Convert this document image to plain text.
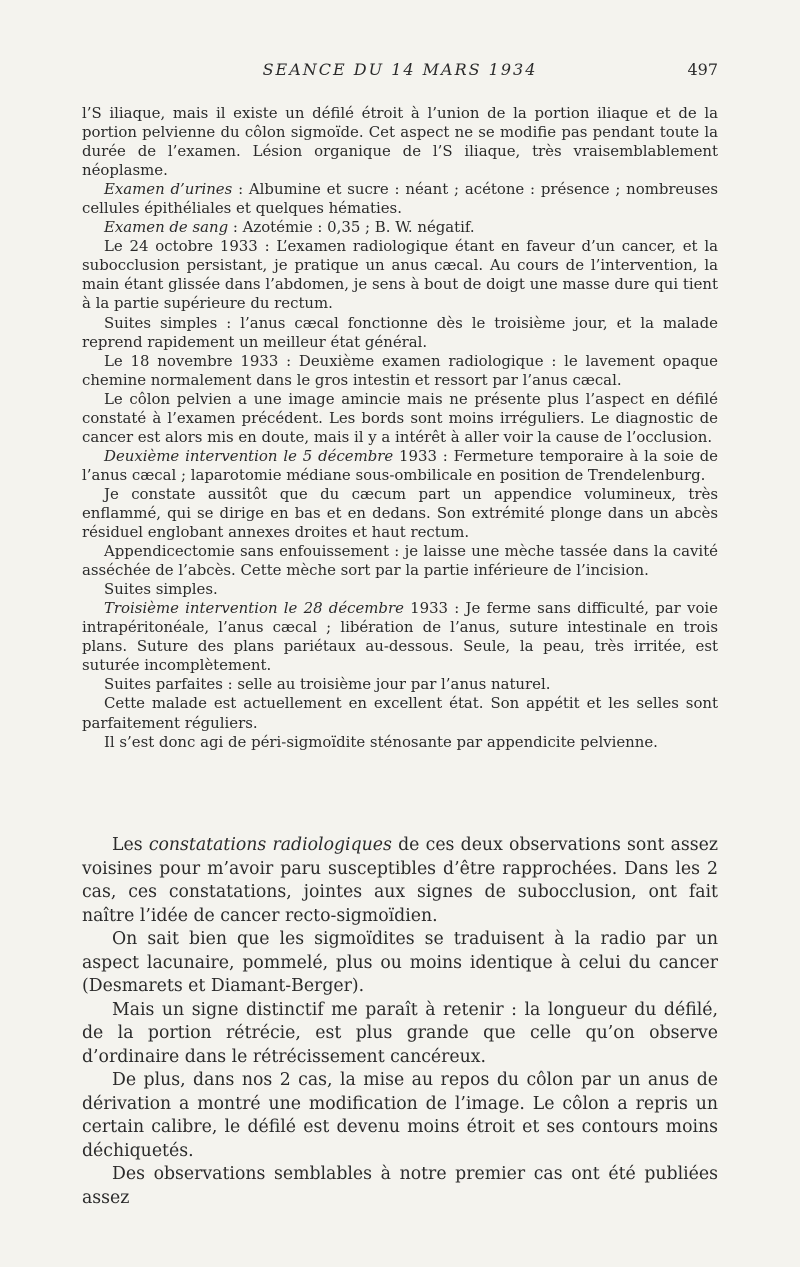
SEANCE DU 14 MARS 1934	497

l’S iliaque, mais il existe un défilé étroit à l’union de la portion iliaque et de la portion pelvienne du côlon sigmoïde. Cet aspect ne se modifie pas pendant toute la durée de l’examen. Lésion organique de l’S iliaque, très vraisemblablement néoplasme.

Examen d’urines : Albumine et sucre : néant ; acétone : présence ; nombreuses cellules épithéliales et quelques hématies.

Examen de sang : Azotémie : 0,35 ; B. W. négatif.

Le 24 octobre 1933 : L’examen radiologique étant en faveur d’un cancer, et la subocclusion persistant, je pratique un anus cæcal. Au cours de l’intervention, la main étant glissée dans l’abdomen, je sens à bout de doigt une masse dure qui tient à la partie supérieure du rectum.

Suites simples : l’anus cæcal fonctionne dès le troisième jour, et la malade reprend rapidement un meilleur état général.

Le 18 novembre 1933 : Deuxième examen radiologique : le lavement opaque chemine normalement dans le gros intestin et ressort par l’anus cæcal.

Le côlon pelvien a une image amincie mais ne présente plus l’aspect en défilé constaté à l’examen précédent. Les bords sont moins irréguliers. Le diagnostic de cancer est alors mis en doute, mais il y a intérêt à aller voir la cause de l’occlusion.

Deuxième intervention le 5 décembre 1933 : Fermeture temporaire à la soie de l’anus cæcal ; laparotomie médiane sous-ombilicale en position de Trendelenburg.

Je constate aussitôt que du cæcum part un appendice volumineux, très enflammé, qui se dirige en bas et en dedans. Son extrémité plonge dans un abcès résiduel englobant annexes droites et haut rectum.

Appendicectomie sans enfouissement : je laisse une mèche tassée dans la cavité asséchée de l’abcès. Cette mèche sort par la partie inférieure de l’incision.

Suites simples.

Troisième intervention le 28 décembre 1933 : Je ferme sans difficulté, par voie intrapéritonéale, l’anus cæcal ; libération de l’anus, suture intestinale en trois plans. Suture des plans pariétaux au-dessous. Seule, la peau, très irritée, est suturée incomplètement.

Suites parfaites : selle au troisième jour par l’anus naturel.

Cette malade est actuellement en excellent état. Son appétit et les selles sont parfaitement réguliers.

Il s’est donc agi de péri-sigmoïdite sténosante par appendicite pelvienne.

Les constatations radiologiques de ces deux observations sont assez voisines pour m’avoir paru susceptibles d’être rapprochées. Dans les 2 cas, ces constatations, jointes aux signes de subocclusion, ont fait naître l’idée de cancer recto-sigmoïdien.

On sait bien que les sigmoïdites se traduisent à la radio par un aspect lacunaire, pommelé, plus ou moins identique à celui du cancer (Desmarets et Diamant-Berger).

Mais un signe distinctif me paraît à retenir : la longueur du défilé, de la portion rétrécie, est plus grande que celle qu’on observe d’ordinaire dans le rétrécissement cancéreux.

De plus, dans nos 2 cas, la mise au repos du côlon par un anus de dérivation a montré une modification de l’image. Le côlon a repris un certain calibre, le défilé est devenu moins étroit et ses contours moins déchiquetés.

Des observations semblables à notre premier cas ont été publiées assez
